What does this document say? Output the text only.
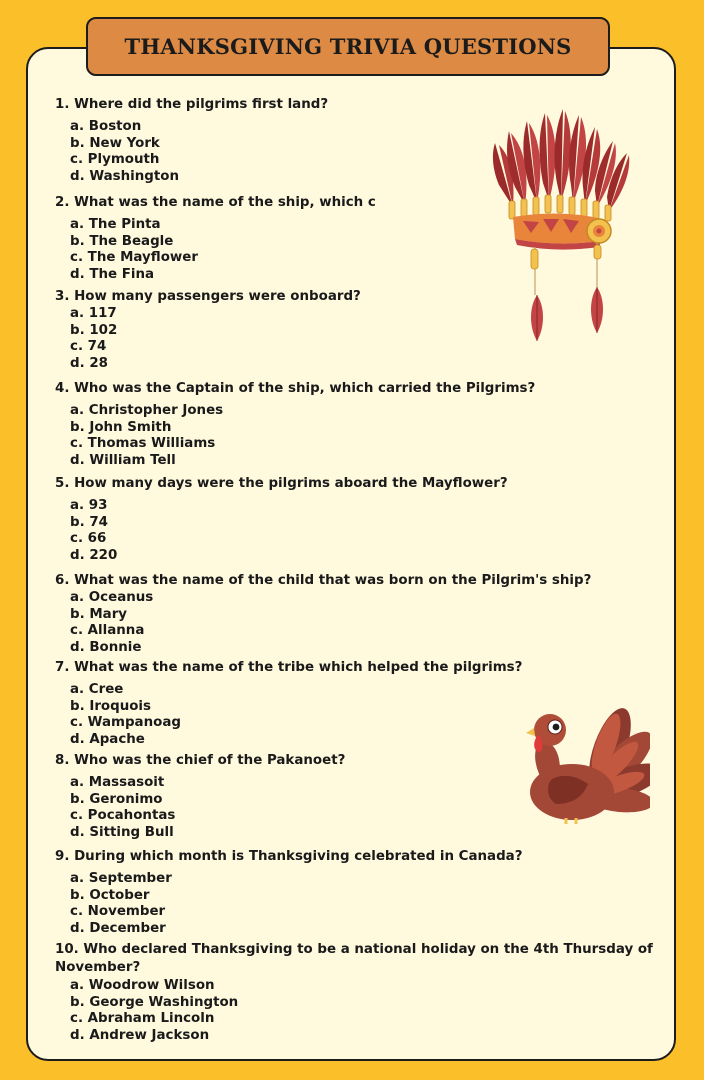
THANKSGIVING TRIVIA QUESTIONS
1. Where did the pilgrims first land?
a. Boston
b. New York
c. Plymouth
d. Washington
2. What was the name of the ship, which c
a. The Pinta
b. The Beagle
c. The Mayflower
d. The Fina
3. How many passengers were onboard?
a. 117
b. 102
c. 74
d. 28
4. Who was the Captain of the ship, which carried the Pilgrims?
a. Christopher Jones
b. John Smith
c. Thomas Williams
d. William Tell
5. How many days were the pilgrims aboard the Mayflower?
a. 93
b. 74
c. 66
d. 220
6. What was the name of the child that was born on the Pilgrim's ship?
a. Oceanus
b. Mary
c. Allanna
d. Bonnie
7. What was the name of the tribe which helped the pilgrims?
a. Cree
b. Iroquois
c. Wampanoag
d. Apache
8. Who was the chief of the Pakanoet?
a. Massasoit
b. Geronimo
c. Pocahontas
d. Sitting Bull
9. During which month is Thanksgiving celebrated in Canada?
a. September
b. October
c. November
d. December
10. Who declared Thanksgiving to be a national holiday on the 4th Thursday of November?
a. Woodrow Wilson
b. George Washington
c. Abraham Lincoln
d. Andrew Jackson
